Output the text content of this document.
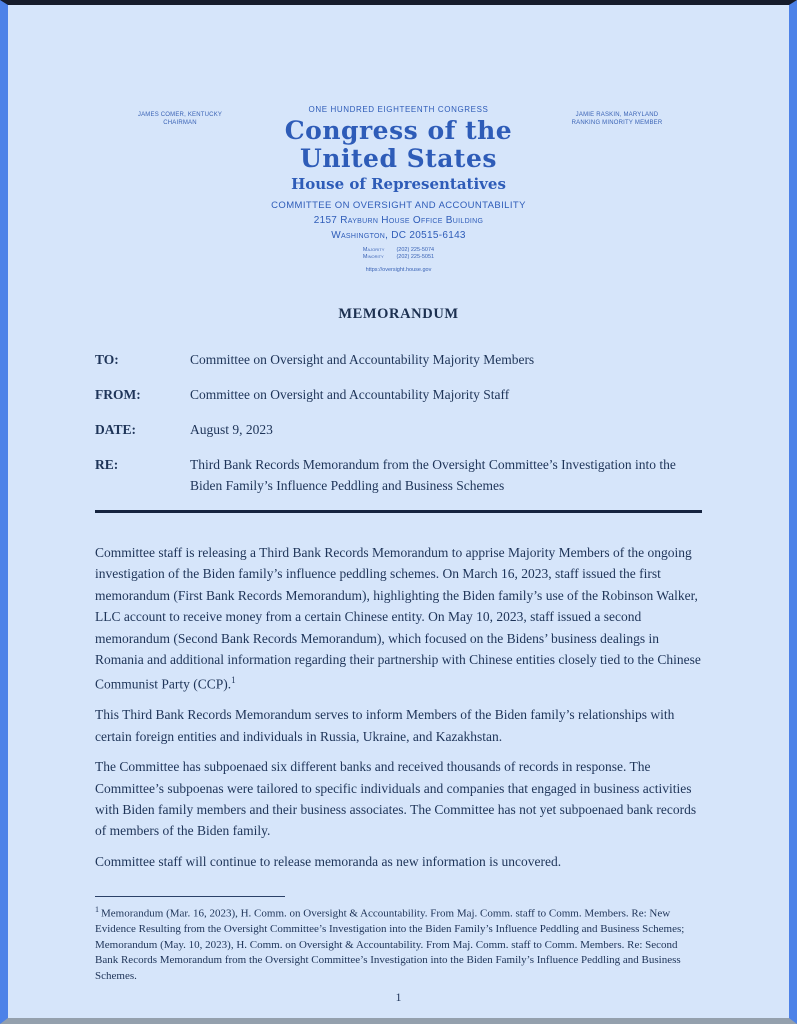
JAMES COMER, KENTUCKY
CHAIRMAN
ONE HUNDRED EIGHTEENTH CONGRESS
Congress of the United States
House of Representatives
COMMITTEE ON OVERSIGHT AND ACCOUNTABILITY
2157 Rayburn House Office Building
Washington, DC 20515-6143
Majority (202) 225-5074
Minority (202) 225-5051
https://oversight.house.gov
JAMIE RASKIN, MARYLAND
RANKING MINORITY MEMBER
MEMORANDUM
TO:	Committee on Oversight and Accountability Majority Members
FROM:	Committee on Oversight and Accountability Majority Staff
DATE:	August 9, 2023
RE:	Third Bank Records Memorandum from the Oversight Committee’s Investigation into the Biden Family’s Influence Peddling and Business Schemes

Committee staff is releasing a Third Bank Records Memorandum to apprise Majority Members of the ongoing investigation of the Biden family’s influence peddling schemes. On March 16, 2023, staff issued the first memorandum (First Bank Records Memorandum), highlighting the Biden family’s use of the Robinson Walker, LLC account to receive money from a certain Chinese entity. On May 10, 2023, staff issued a second memorandum (Second Bank Records Memorandum), which focused on the Bidens’ business dealings in Romania and additional information regarding their partnership with Chinese entities closely tied to the Chinese Communist Party (CCP).$^1$

This Third Bank Records Memorandum serves to inform Members of the Biden family’s relationships with certain foreign entities and individuals in Russia, Ukraine, and Kazakhstan.

The Committee has subpoenaed six different banks and received thousands of records in response. The Committee’s subpoenas were tailored to specific individuals and companies that engaged in business activities with Biden family members and their business associates. The Committee has not yet subpoenaed bank records of members of the Biden family.

Committee staff will continue to release memoranda as new information is uncovered.

$^1$ Memorandum (Mar. 16, 2023), H. Comm. on Oversight & Accountability. From Maj. Comm. staff to Comm. Members. Re: New Evidence Resulting from the Oversight Committee’s Investigation into the Biden Family’s Influence Peddling and Business Schemes; Memorandum (May. 10, 2023), H. Comm. on Oversight & Accountability. From Maj. Comm. staff to Comm. Members. Re: Second Bank Records Memorandum from the Oversight Committee’s Investigation into the Biden Family’s Influence Peddling and Business Schemes.
1
